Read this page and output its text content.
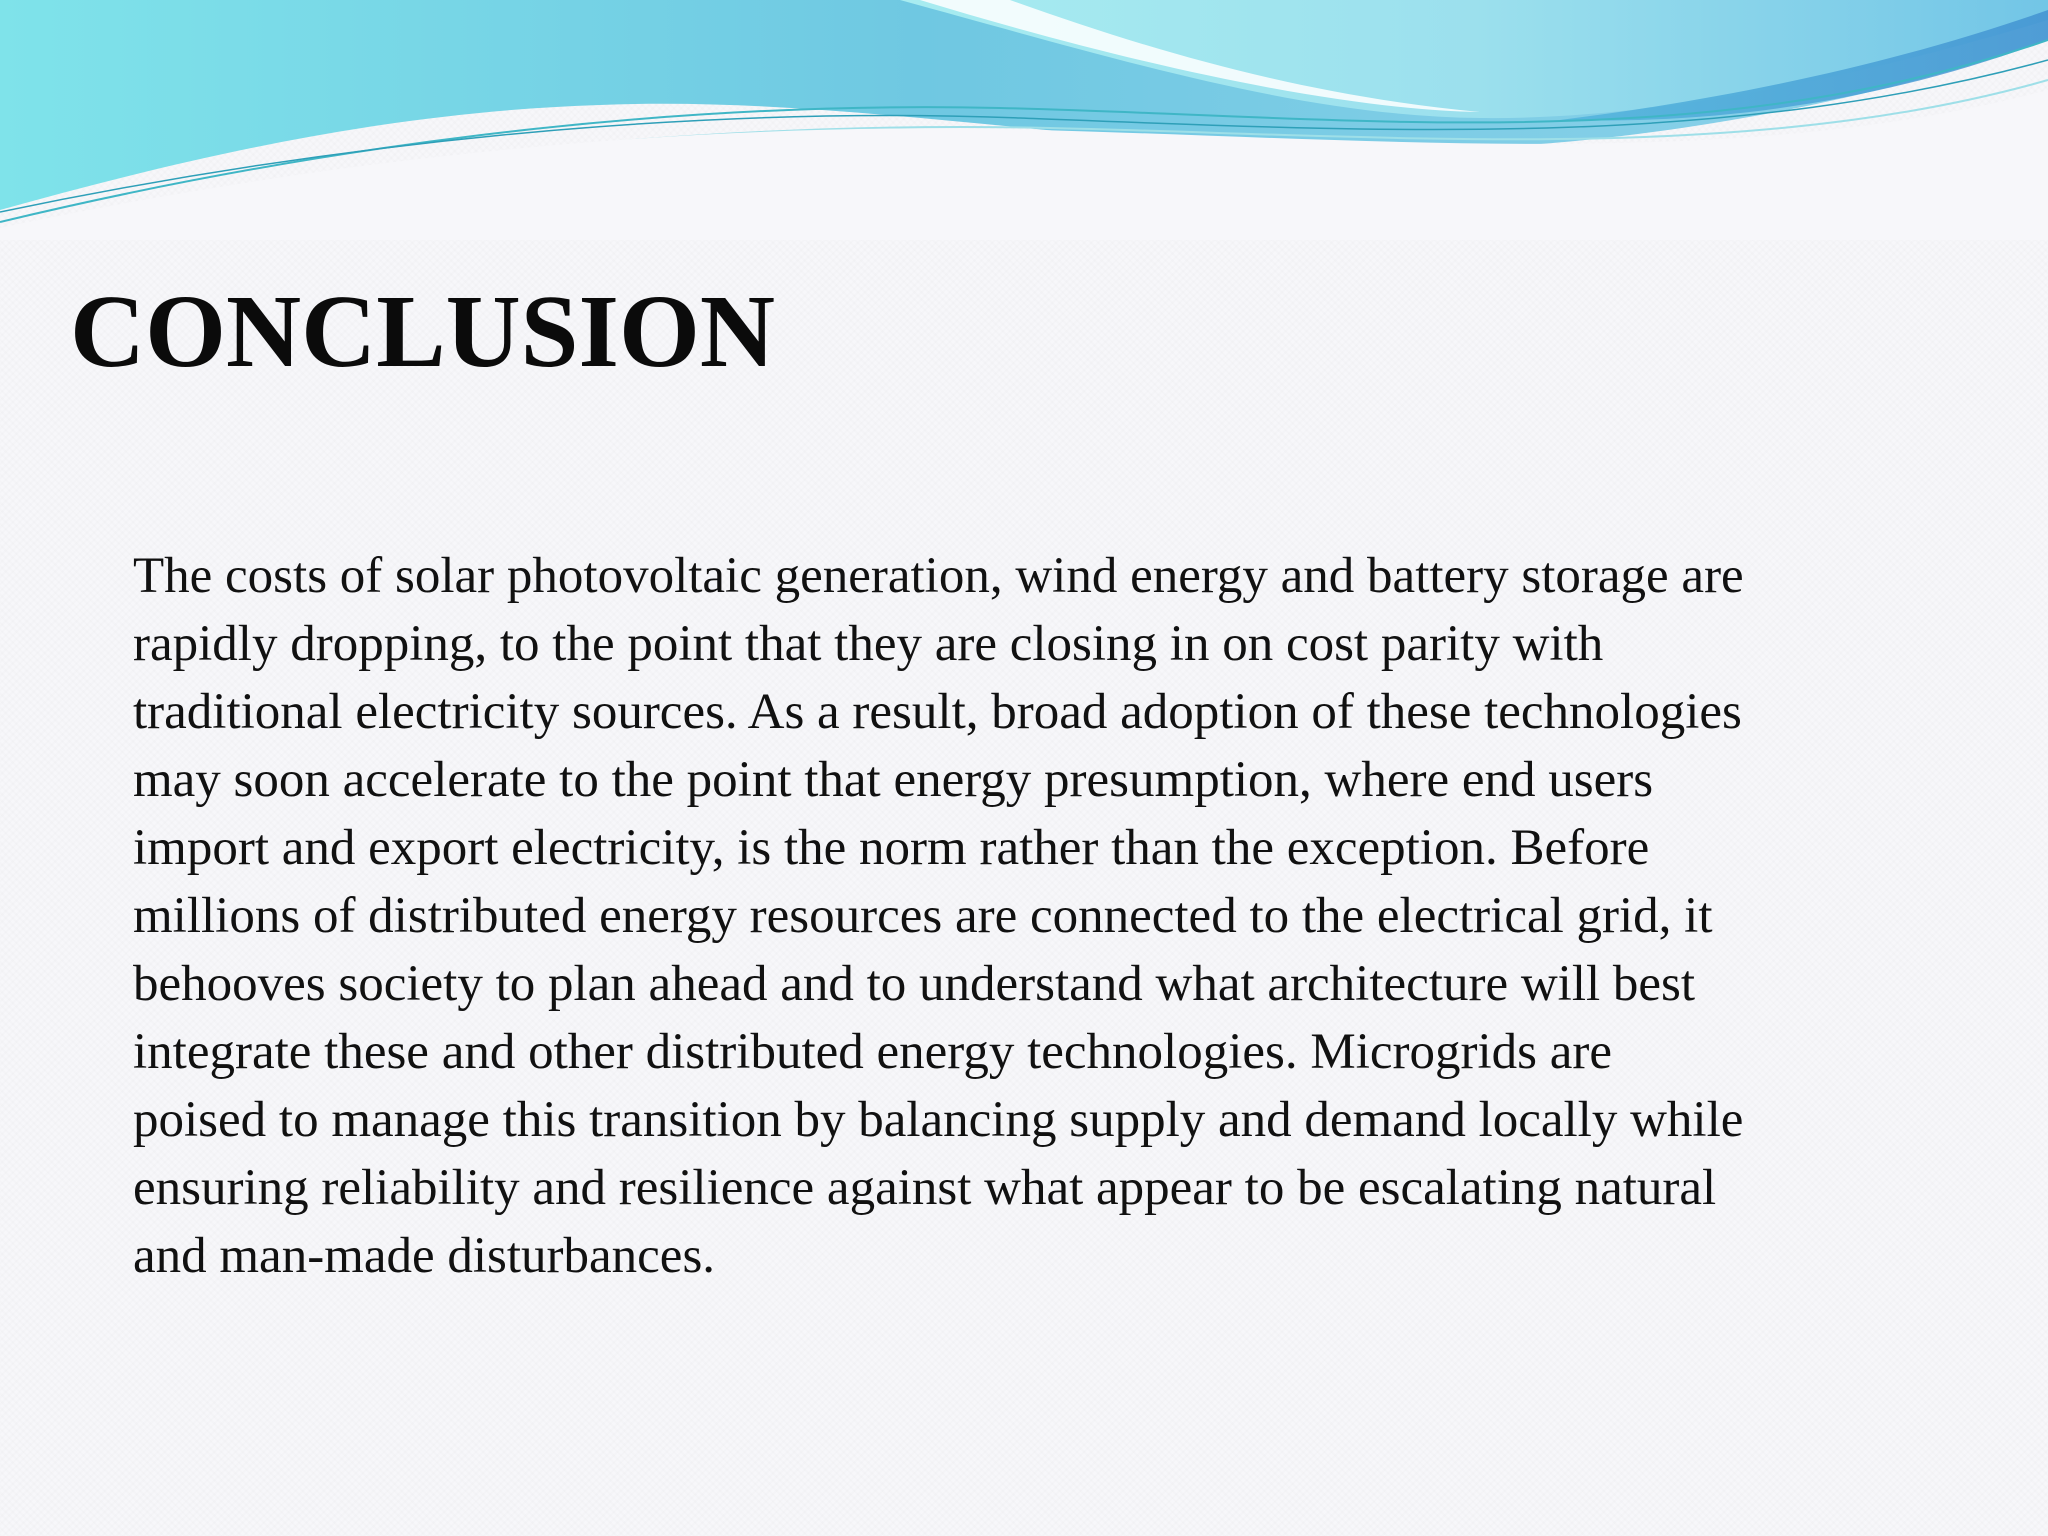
CONCLUSION

The costs of solar photovoltaic generation, wind energy and battery storage are
rapidly dropping, to the point that they are closing in on cost parity with
traditional electricity sources. As a result, broad adoption of these technologies
may soon accelerate to the point that energy presumption, where end users
import and export electricity, is the norm rather than the exception. Before
millions of distributed energy resources are connected to the electrical grid, it
behooves society to plan ahead and to understand what architecture will best
integrate these and other distributed energy technologies. Microgrids are
poised to manage this transition by balancing supply and demand locally while
ensuring reliability and resilience against what appear to be escalating natural
and man-made disturbances.
